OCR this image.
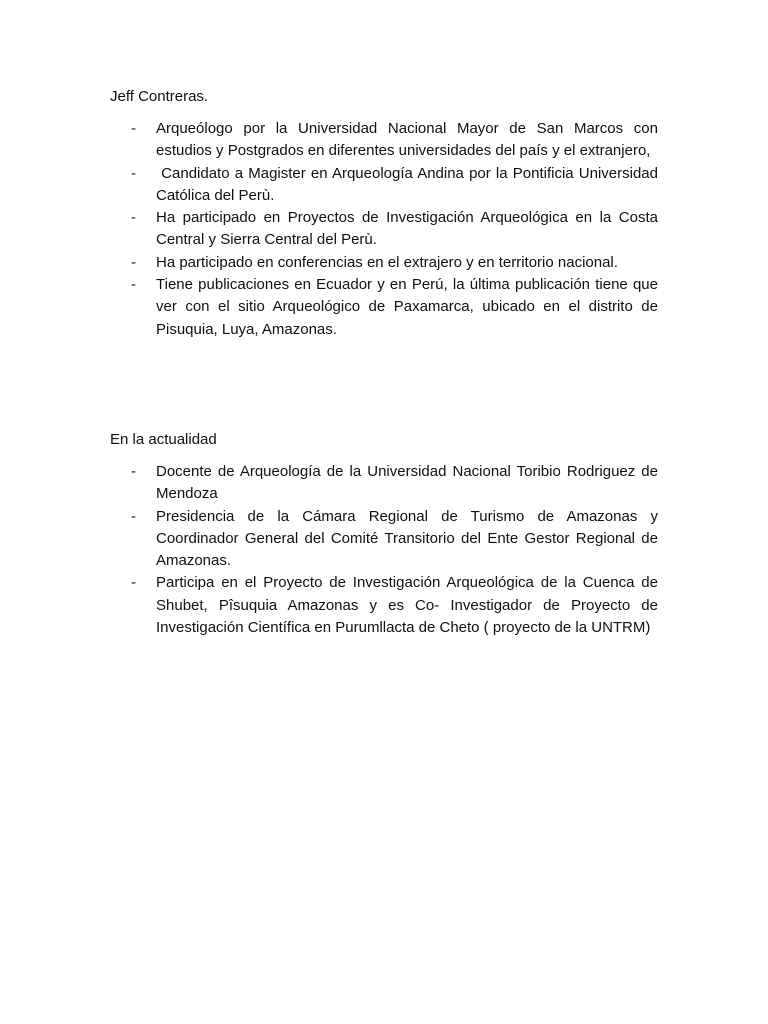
Jeff Contreras.

- Arqueólogo por la Universidad Nacional Mayor de San Marcos con estudios y Postgrados en diferentes universidades del país y el extranjero,
- Candidato a Magister en Arqueología Andina por la Pontificia Universidad Católica del Perù.
- Ha participado en Proyectos de Investigación Arqueológica en la Costa Central y Sierra Central del Perù.
- Ha participado en conferencias en el extrajero y en territorio nacional.
- Tiene publicaciones en Ecuador y en Perú, la última publicación tiene que ver con el sitio Arqueológico de Paxamarca, ubicado en el distrito de Pisuquia, Luya, Amazonas.

En la actualidad

- Docente de Arqueología de la Universidad Nacional Toribio Rodriguez de Mendoza
- Presidencia de la Cámara Regional de Turismo de Amazonas y Coordinador General del Comité Transitorio del Ente Gestor Regional de Amazonas.
- Participa en el Proyecto de Investigación Arqueológica de la Cuenca de Shubet, Pîsuquia Amazonas y es Co- Investigador de Proyecto de Investigación Científica en Purumllacta de Cheto ( proyecto de la UNTRM)
